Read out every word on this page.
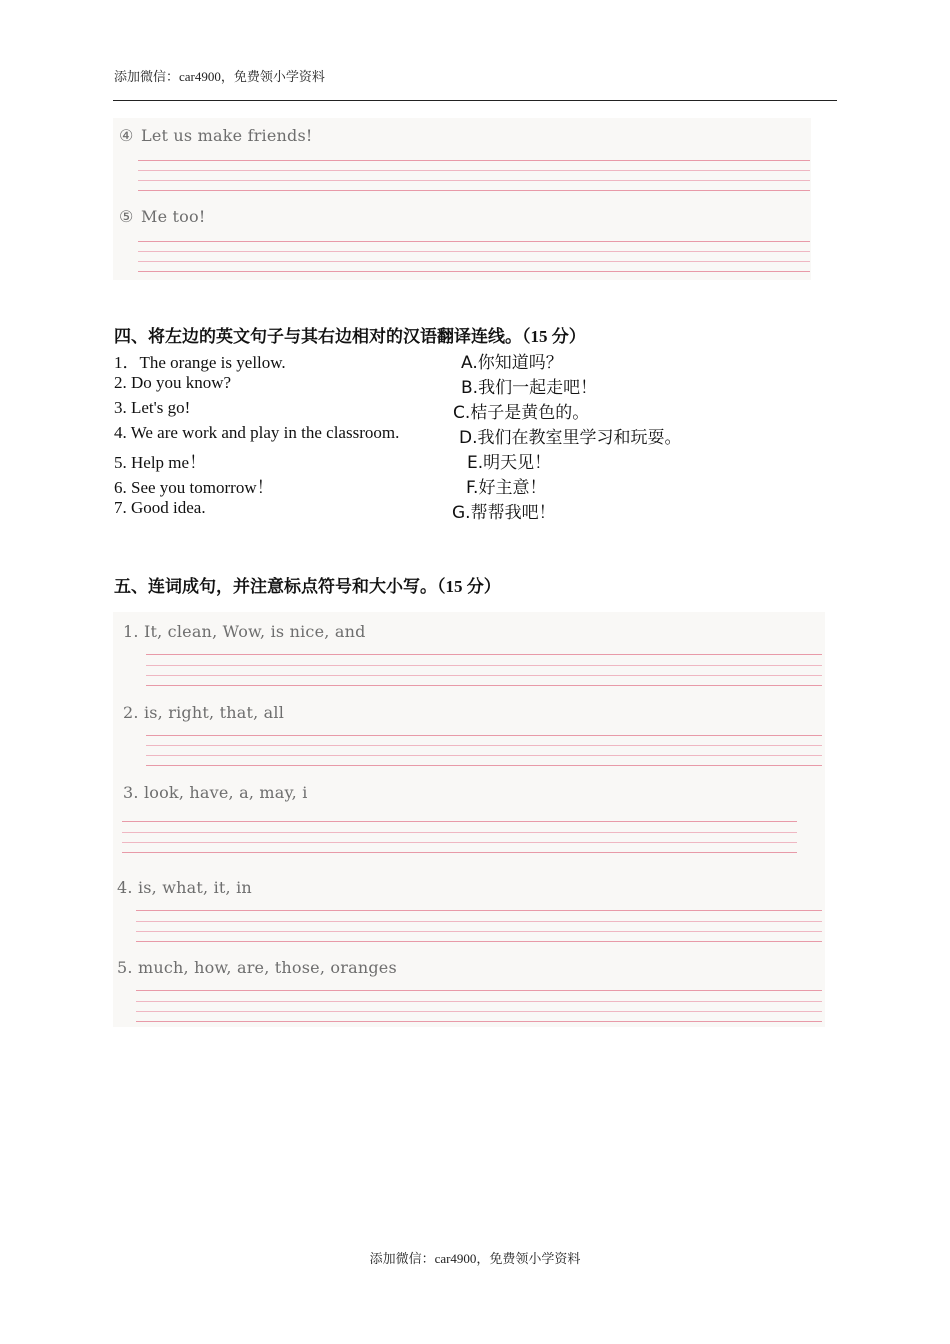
添加微信：car4900，免费领小学资料
④ Let us make friends!
⑤ Me too!
四、将左边的英文句子与其右边相对的汉语翻译连线。（15 分）
1．The orange is yellow.
2. Do you know?
3. Let's go!
4. We are work and play in the classroom.
5. Help me！
6. See you tomorrow！
7. Good idea.
A.你知道吗？
B.我们一起走吧！
C.桔子是黄色的。
D.我们在教室里学习和玩耍。
E.明天见！
F.好主意！
G.帮帮我吧！
五、连词成句，并注意标点符号和大小写。（15 分）
1. It, clean, Wow, is nice, and
2. is, right, that, all
3. look, have, a, may, i
4. is, what, it, in
5. much, how, are, those, oranges
添加微信：car4900，免费领小学资料
